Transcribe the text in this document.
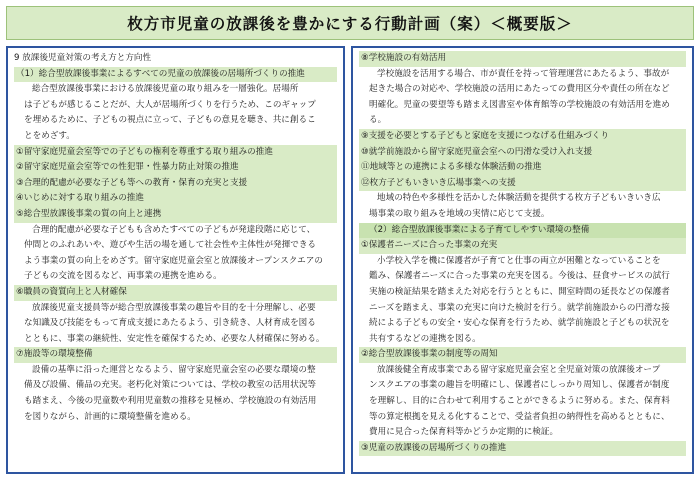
枚方市児童の放課後を豊かにする行動計画（案）＜概要版＞
9 放課後児童対策の考え方と方向性
（1）総合型放課後事業によるすべての児童の放課後の居場所づくりの推進
総合型放課後事業における放課後児童の取り組みを一層強化。居場所
は子どもが感じることだが、大人が居場所づくりを行うため、このギャップ
を埋めるために、子どもの視点に立って、子どもの意見を聴き、共に創るこ
とをめざす。
①留守家庭児童会室等での子どもの権利を尊重する取り組みの推進
②留守家庭児童会室等での性犯罪・性暴力防止対策の推進
③合理的配慮が必要な子ども等への教育・保育の充実と支援
④いじめに対する取り組みの推進
⑤総合型放課後事業の質の向上と連携
合理的配慮が必要な子どもも含めたすべての子どもが発達段階に応じて、
仲間とのふれあいや、遊びや生活の場を通して社会性や主体性が発揮できる
よう事業の質の向上をめざす。留守家庭児童会室と放課後オープンスクエアの
子どもの交流を図るなど、両事業の連携を進める。
⑥職員の資質向上と人材確保
放課後児童支援員等が総合型放課後事業の趣旨や目的を十分理解し、必要
な知識及び技能をもって育成支援にあたるよう、引き続き、人材育成を図る
とともに、事業の継続性、安定性を確保するため、必要な人材確保に努める。
⑦施設等の環境整備
設備の基準に沿った運営となるよう、留守家庭児童会室の必要な環境の整
備及び設備、備品の充実。老朽化対策については、学校の教室の活用状況等
も踏まえ、今後の児童数や利用児童数の推移を見極め、学校施設の有効活用
を図りながら、計画的に環境整備を進める。
⑧学校施設の有効活用
学校施設を活用する場合、市が責任を持って管理運営にあたるよう、事故が
起きた場合の対応や、学校施設の活用にあたっての費用区分や責任の所在など
明確化。児童の要望等も踏まえ図書室や体育館等の学校施設の有効活用を進め
る。
⑨支援を必要とする子どもと家庭を支援につなげる仕組みづくり
⑩就学前施設から留守家庭児童会室への円滑な受け入れ支援
⑪地域等との連携による多様な体験活動の推進
⑫枚方子どもいきいき広場事業への支援
地域の特色や多様性を活かした体験活動を提供する枚方子どもいきいき広
場事業の取り組みを地域の実情に応じて支援。
（2）総合型放課後事業による子育てしやすい環境の整備
①保護者ニーズに合った事業の充実
小学校入学を機に保護者が子育てと仕事の両立が困難となっていることを
鑑み、保護者ニーズに合った事業の充実を図る。今後は、昼食サービスの試行
実施の検証結果を踏まえた対応を行うとともに、開室時間の延長などの保護者
ニーズを踏まえ、事業の充実に向けた検討を行う。就学前施設からの円滑な接
続による子どもの安全・安心な保育を行うため、就学前施設と子どもの状況を
共有するなどの連携を図る。
②総合型放課後事業の制度等の周知
放課後健全育成事業である留守家庭児童会室と全児童対策の放課後オープ
ンスクエアの事業の趣旨を明確にし、保護者にしっかり周知し、保護者が制度
を理解し、目的に合わせて利用することができるように努める。また、保育料
等の算定根拠を見える化することで、受益者負担の納得性を高めるとともに、
費用に見合った保育料等かどうか定期的に検証。
③児童の放課後の居場所づくりの推進
